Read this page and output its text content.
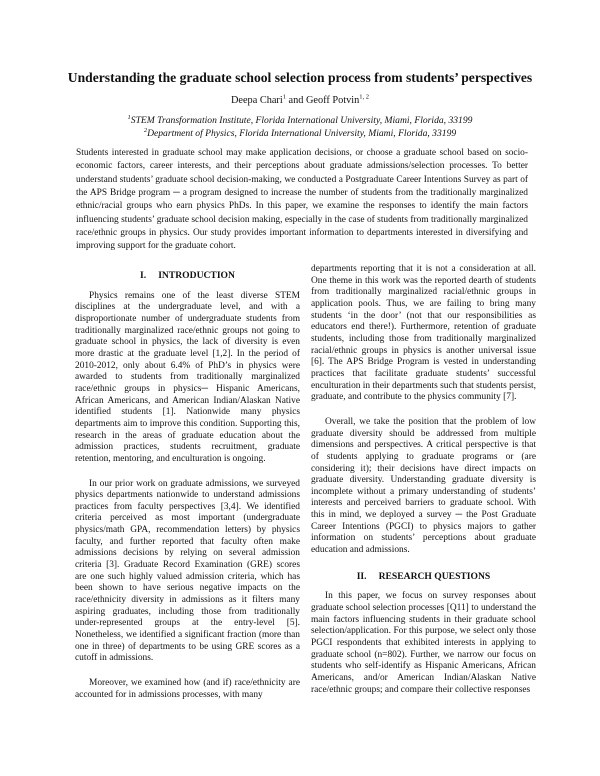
Understanding the graduate school selection process from students’ perspectives
Deepa Chari$^1$ and Geoff Potvin$^{1, 2}$
$^1$STEM Transformation Institute, Florida International University, Miami, Florida, 33199
$^2$Department of Physics, Florida International University, Miami, Florida, 33199
Students interested in graduate school may make application decisions, or choose a graduate school based on socio-economic factors, career interests, and their perceptions about graduate admissions/selection processes. To better understand students’ graduate school decision-making, we conducted a Postgraduate Career Intentions Survey as part of the APS Bridge program ─ a program designed to increase the number of students from the traditionally marginalized ethnic/racial groups who earn physics PhDs. In this paper, we examine the responses to identify the main factors influencing students’ graduate school decision making, especially in the case of students from traditionally marginalized race/ethnic groups in physics. Our study provides important information to departments interested in diversifying and improving support for the graduate cohort.
I. INTRODUCTION

Physics remains one of the least diverse STEM disciplines at the undergraduate level, and with a disproportionate number of undergraduate students from traditionally marginalized race/ethnic groups not going to graduate school in physics, the lack of diversity is even more drastic at the graduate level [1,2]. In the period of 2010-2012, only about 6.4% of PhD’s in physics were awarded to students from traditionally marginalized race/ethnic groups in physics─ Hispanic Americans, African Americans, and American Indian/Alaskan Native identified students [1]. Nationwide many physics departments aim to improve this condition. Supporting this, research in the areas of graduate education about the admission practices, students recruitment, graduate retention, mentoring, and enculturation is ongoing.

In our prior work on graduate admissions, we surveyed physics departments nationwide to understand admissions practices from faculty perspectives [3,4]. We identified criteria perceived as most important (undergraduate physics/math GPA, recommendation letters) by physics faculty, and further reported that faculty often make admissions decisions by relying on several admission criteria [3]. Graduate Record Examination (GRE) scores are one such highly valued admission criteria, which has been shown to have serious negative impacts on the race/ethnicity diversity in admissions as it filters many aspiring graduates, including those from traditionally under-represented groups at the entry-level [5]. Nonetheless, we identified a significant fraction (more than one in three) of departments to be using GRE scores as a cutoff in admissions.

Moreover, we examined how (and if) race/ethnicity are accounted for in admissions processes, with many

departments reporting that it is not a consideration at all. One theme in this work was the reported dearth of students from traditionally marginalized racial/ethnic groups in application pools. Thus, we are failing to bring many students ‘in the door’ (not that our responsibilities as educators end there!). Furthermore, retention of graduate students, including those from traditionally marginalized racial/ethnic groups in physics is another universal issue [6]. The APS Bridge Program is vested in understanding practices that facilitate graduate students’ successful enculturation in their departments such that students persist, graduate, and contribute to the physics community [7].

Overall, we take the position that the problem of low graduate diversity should be addressed from multiple dimensions and perspectives. A critical perspective is that of students applying to graduate programs or (are considering it); their decisions have direct impacts on graduate diversity. Understanding graduate diversity is incomplete without a primary understanding of students’ interests and perceived barriers to graduate school. With this in mind, we deployed a survey ─ the Post Graduate Career Intentions (PGCI) to physics majors to gather information on students’ perceptions about graduate education and admissions.

II. RESEARCH QUESTIONS

In this paper, we focus on survey responses about graduate school selection processes [Q11] to understand the main factors influencing students in their graduate school selection/application. For this purpose, we select only those PGCI respondents that exhibited interests in applying to graduate school (n=802). Further, we narrow our focus on students who self-identify as Hispanic Americans, African Americans, and/or American Indian/Alaskan Native race/ethnic groups; and compare their collective responses
